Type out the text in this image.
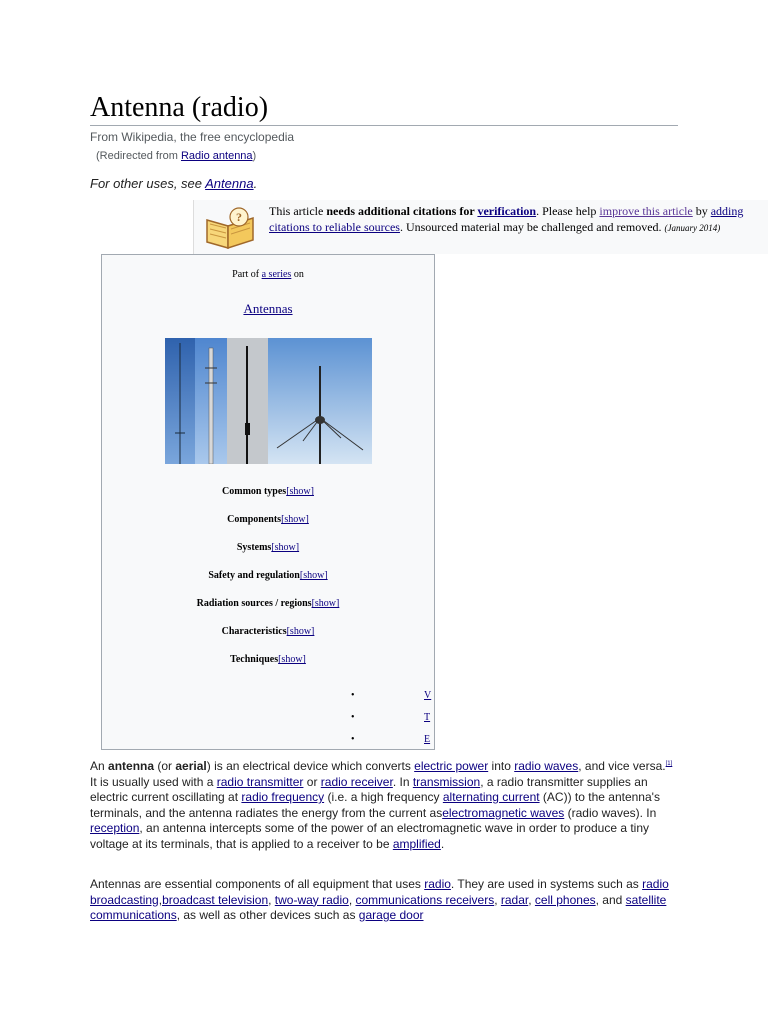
Antenna (radio)
From Wikipedia, the free encyclopedia
(Redirected from Radio antenna)
For other uses, see Antenna.
? This article needs additional citations for verification. Please help improve this article by adding citations to reliable sources. Unsourced material may be challenged and removed. (January 2014)
Part of a series on
Antennas
Common types[show]
Components[show]
Systems[show]
Safety and regulation[show]
Radiation sources / regions[show]
Characteristics[show]
Techniques[show]
•	V
•	T
•	E

An antenna (or aerial) is an electrical device which converts electric power into radio waves, and vice versa.[1] It is usually used with a radio transmitter or radio receiver. In transmission, a radio transmitter supplies an electric current oscillating at radio frequency (i.e. a high frequency alternating current (AC)) to the antenna's terminals, and the antenna radiates the energy from the current aselectromagnetic waves (radio waves). In reception, an antenna intercepts some of the power of an electromagnetic wave in order to produce a tiny voltage at its terminals, that is applied to a receiver to be amplified.

Antennas are essential components of all equipment that uses radio. They are used in systems such as radio broadcasting,broadcast television, two-way radio, communications receivers, radar, cell phones, and satellite communications, as well as other devices such as garage door
